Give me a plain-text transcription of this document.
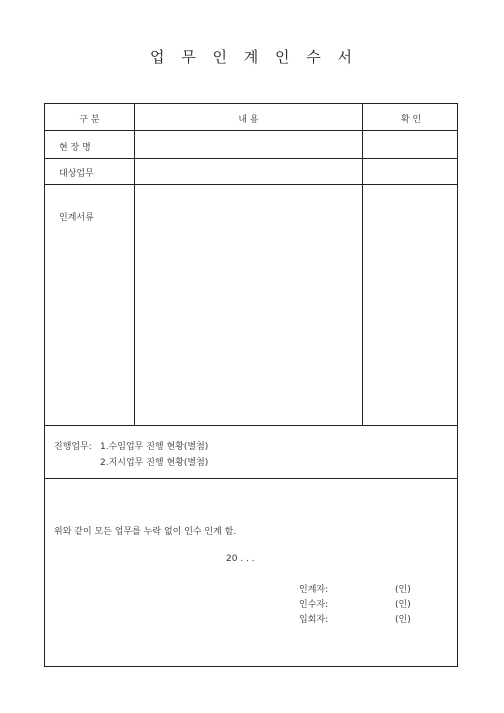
업 무 인 계 인 수 서
구 분	내 용	확 인
현 장 명
대상업무
인계서류
진행업무: 1.수임업무 진행 현황(별첨)
2.지시업무 진행 현황(별첨)
위와 같이 모든 업무를 누락 없이 인수 인계 함.
20 . . .
인계자:	(인)
인수자:	(인)
입회자:	(인)
